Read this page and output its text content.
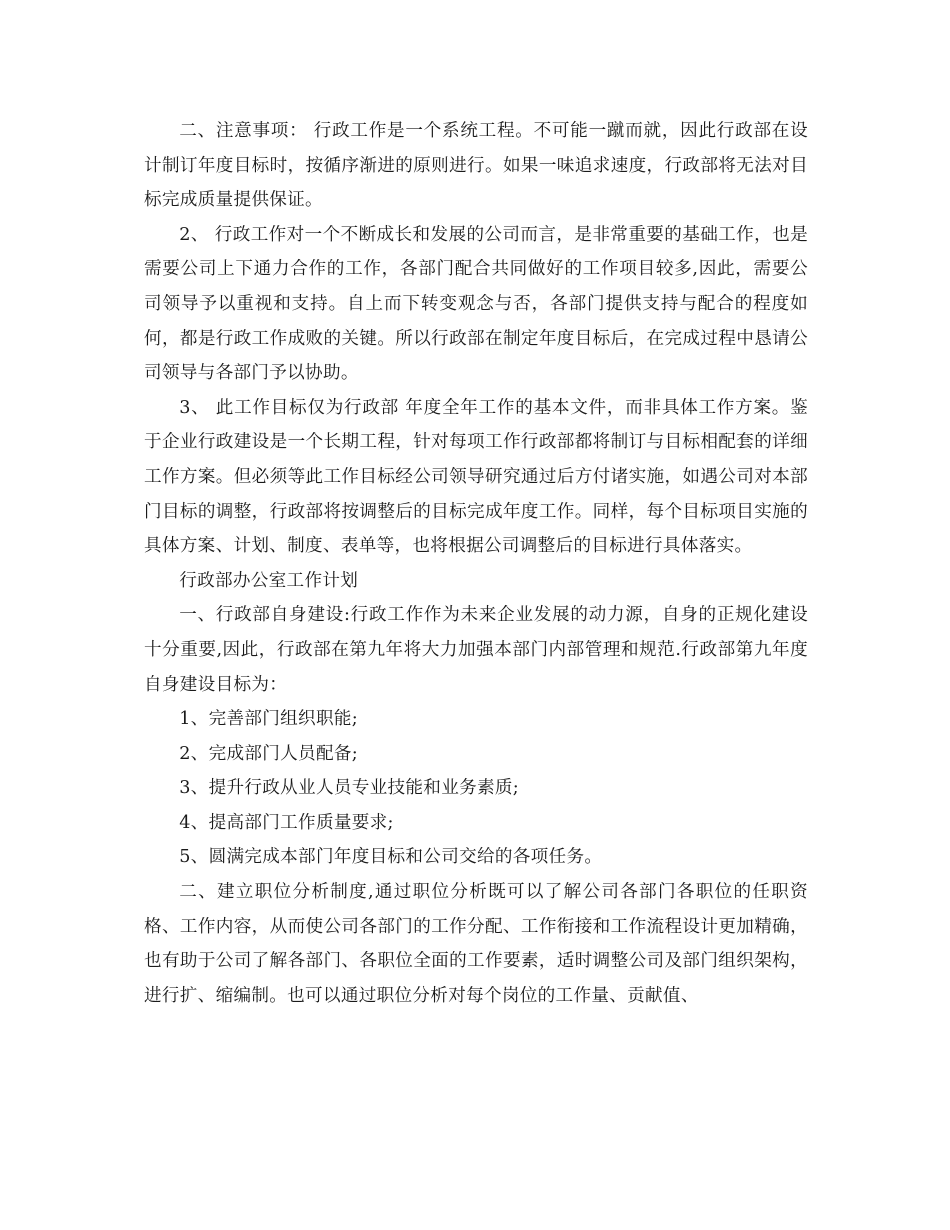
二、注意事项： 行政工作是一个系统工程。不可能一蹴而就，因此行政部在设计制订年度目标时，按循序渐进的原则进行。如果一味追求速度，行政部将无法对目标完成质量提供保证。

2、 行政工作对一个不断成长和发展的公司而言，是非常重要的基础工作，也是需要公司上下通力合作的工作，各部门配合共同做好的工作项目较多,因此，需要公司领导予以重视和支持。自上而下转变观念与否，各部门提供支持与配合的程度如何，都是行政工作成败的关键。所以行政部在制定年度目标后，在完成过程中恳请公司领导与各部门予以协助。

3、 此工作目标仅为行政部 年度全年工作的基本文件，而非具体工作方案。鉴于企业行政建设是一个长期工程，针对每项工作行政部都将制订与目标相配套的详细工作方案。但必须等此工作目标经公司领导研究通过后方付诸实施，如遇公司对本部门目标的调整，行政部将按调整后的目标完成年度工作。同样，每个目标项目实施的具体方案、计划、制度、表单等，也将根据公司调整后的目标进行具体落实。

行政部办公室工作计划

一、行政部自身建设:行政工作作为未来企业发展的动力源，自身的正规化建设十分重要,因此，行政部在第九年将大力加强本部门内部管理和规范.行政部第九年度自身建设目标为：

1、完善部门组织职能;

2、完成部门人员配备;

3、提升行政从业人员专业技能和业务素质;

4、提高部门工作质量要求;

5、圆满完成本部门年度目标和公司交给的各项任务。

二、建立职位分析制度,通过职位分析既可以了解公司各部门各职位的任职资格、工作内容，从而使公司各部门的工作分配、工作衔接和工作流程设计更加精确，也有助于公司了解各部门、各职位全面的工作要素，适时调整公司及部门组织架构，进行扩、缩编制。也可以通过职位分析对每个岗位的工作量、贡献值、
